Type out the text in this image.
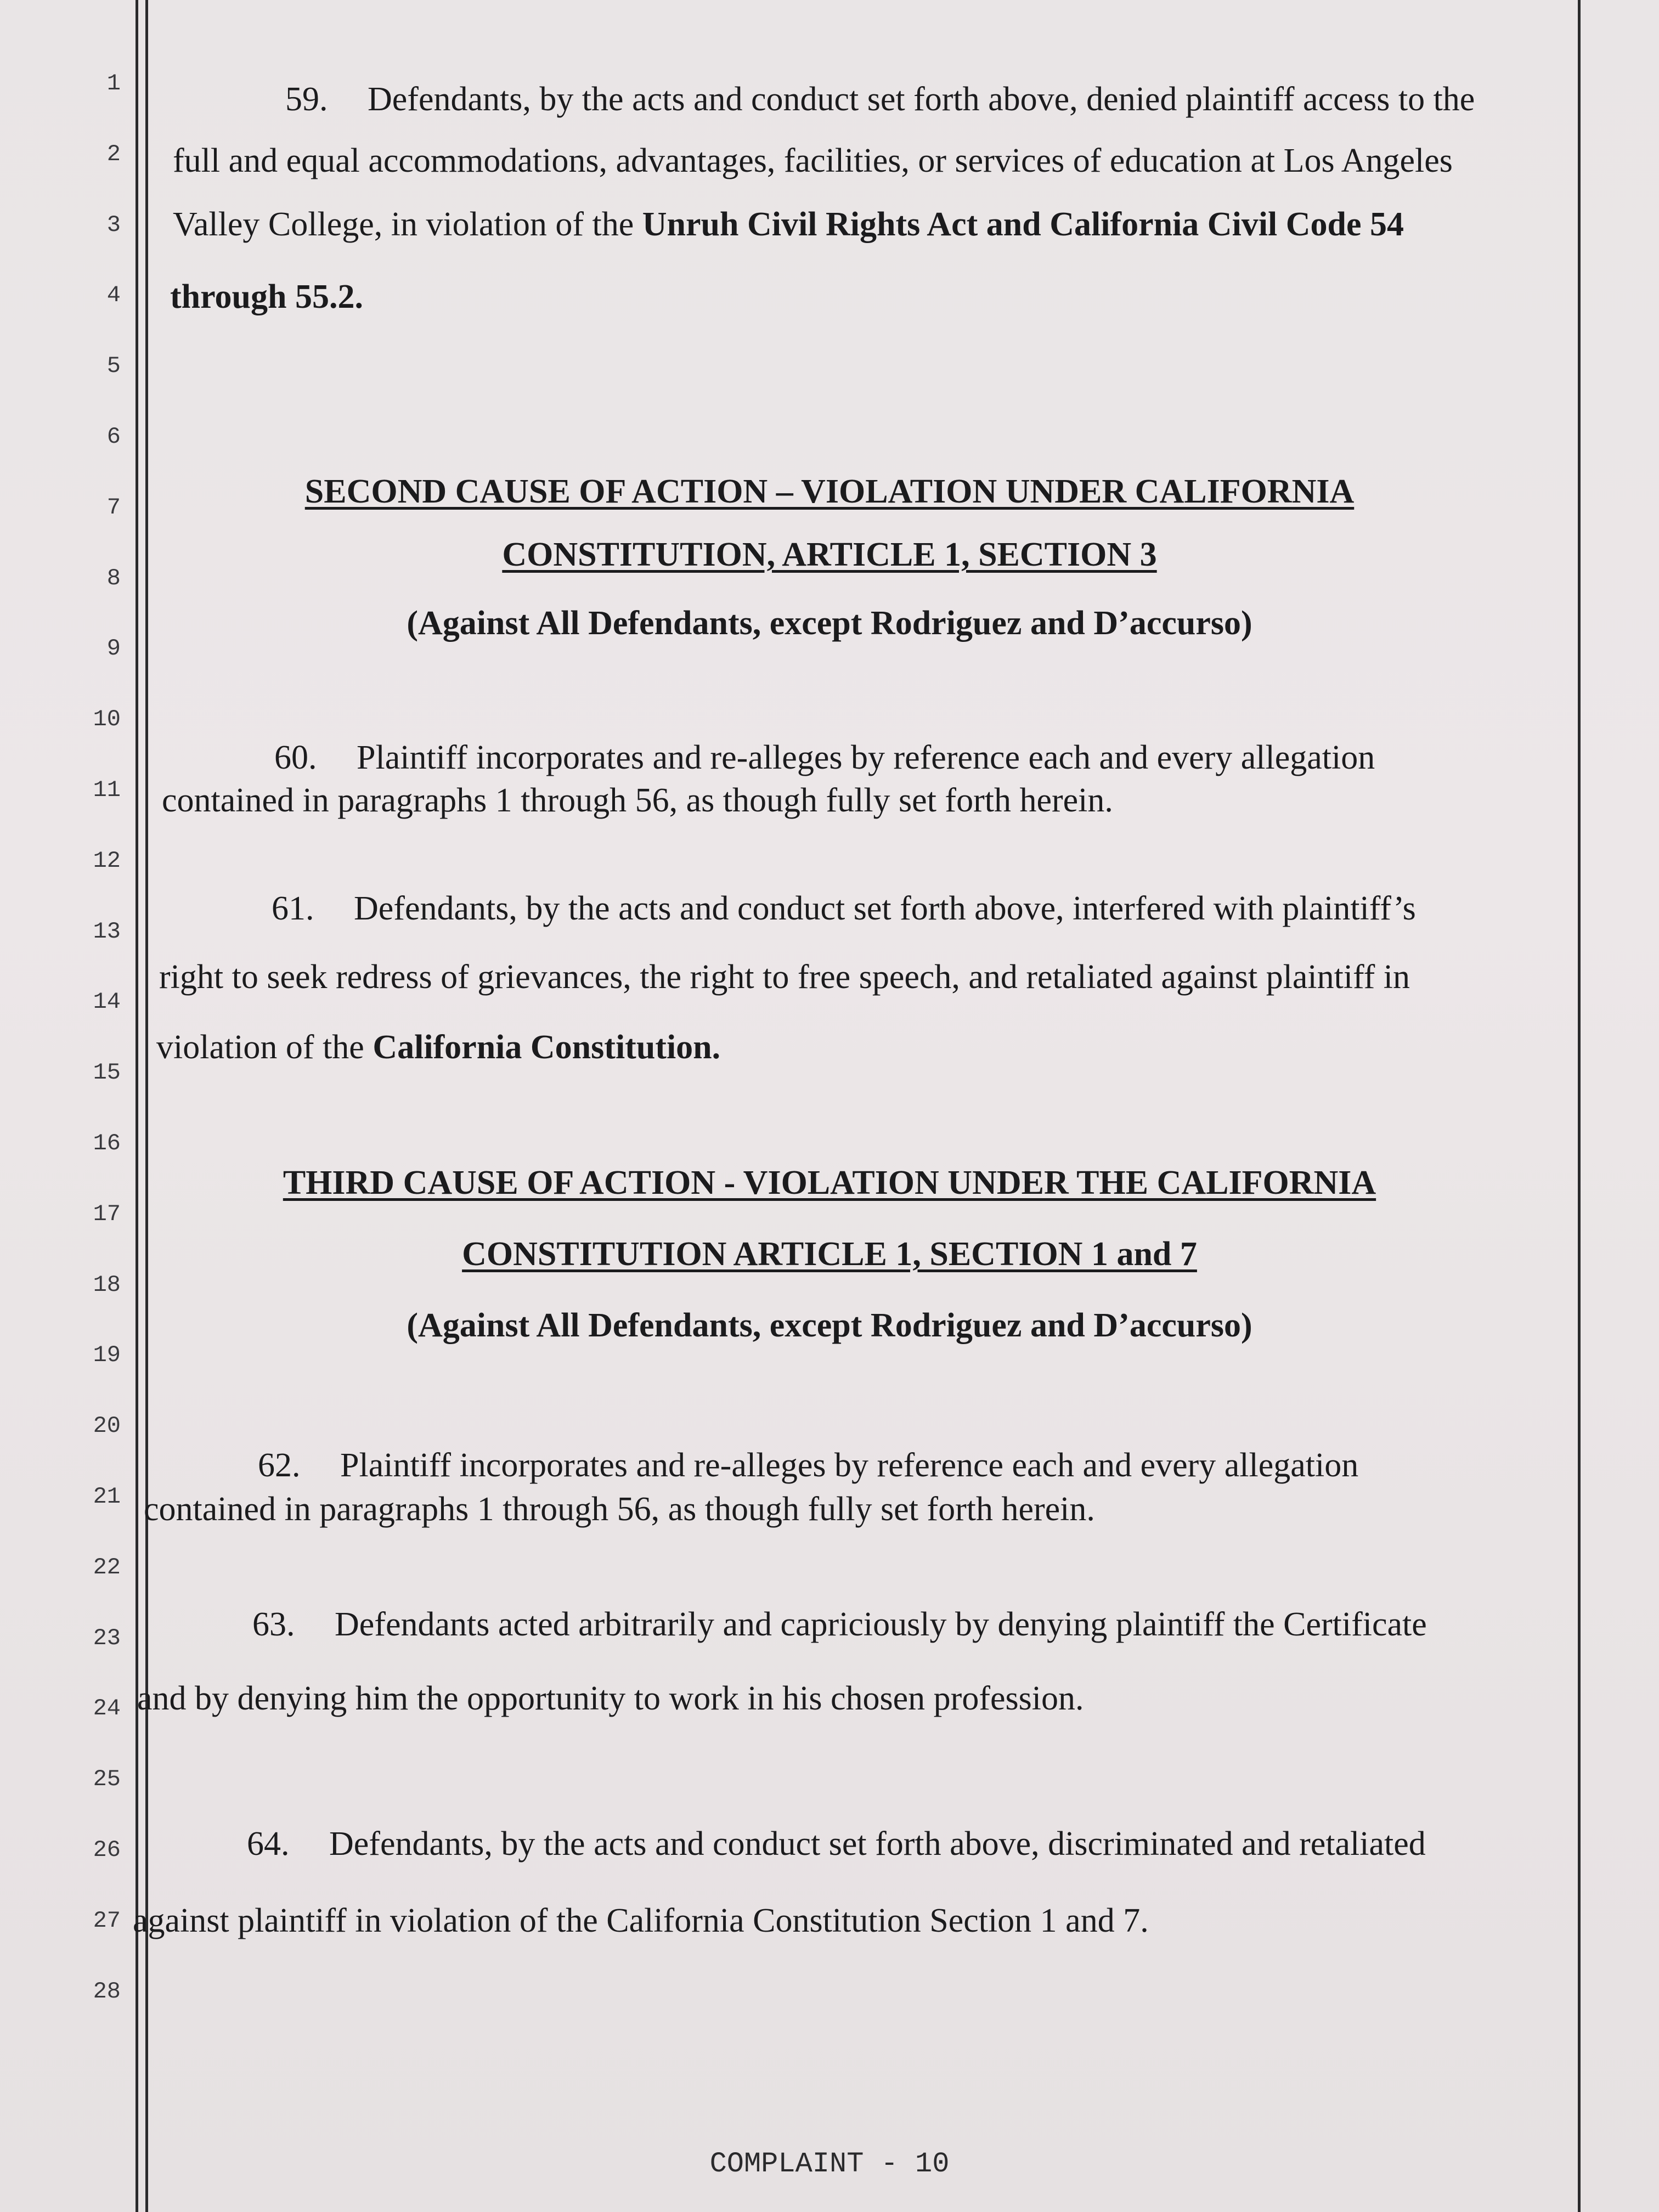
1
2
3
4
5
6
7
8
9
10
11
12
13
14
15
16
17
18
19
20
21
22
23
24
25
26
27
28
59. Defendants, by the acts and conduct set forth above, denied plaintiff access to the
full and equal accommodations, advantages, facilities, or services of education at Los Angeles
Valley College, in violation of the Unruh Civil Rights Act and California Civil Code 54
through 55.2.
SECOND CAUSE OF ACTION – VIOLATION UNDER CALIFORNIA
CONSTITUTION, ARTICLE 1, SECTION 3
(Against All Defendants, except Rodriguez and D’accurso)
60. Plaintiff incorporates and re-alleges by reference each and every allegation
contained in paragraphs 1 through 56, as though fully set forth herein.
61. Defendants, by the acts and conduct set forth above, interfered with plaintiff’s
right to seek redress of grievances, the right to free speech, and retaliated against plaintiff in
violation of the California Constitution.
THIRD CAUSE OF ACTION - VIOLATION UNDER THE CALIFORNIA
CONSTITUTION ARTICLE 1, SECTION 1 and 7
(Against All Defendants, except Rodriguez and D’accurso)
62. Plaintiff incorporates and re-alleges by reference each and every allegation
contained in paragraphs 1 through 56, as though fully set forth herein.
63. Defendants acted arbitrarily and capriciously by denying plaintiff the Certificate
and by denying him the opportunity to work in his chosen profession.
64. Defendants, by the acts and conduct set forth above, discriminated and retaliated
against plaintiff in violation of the California Constitution Section 1 and 7.
COMPLAINT - 10
